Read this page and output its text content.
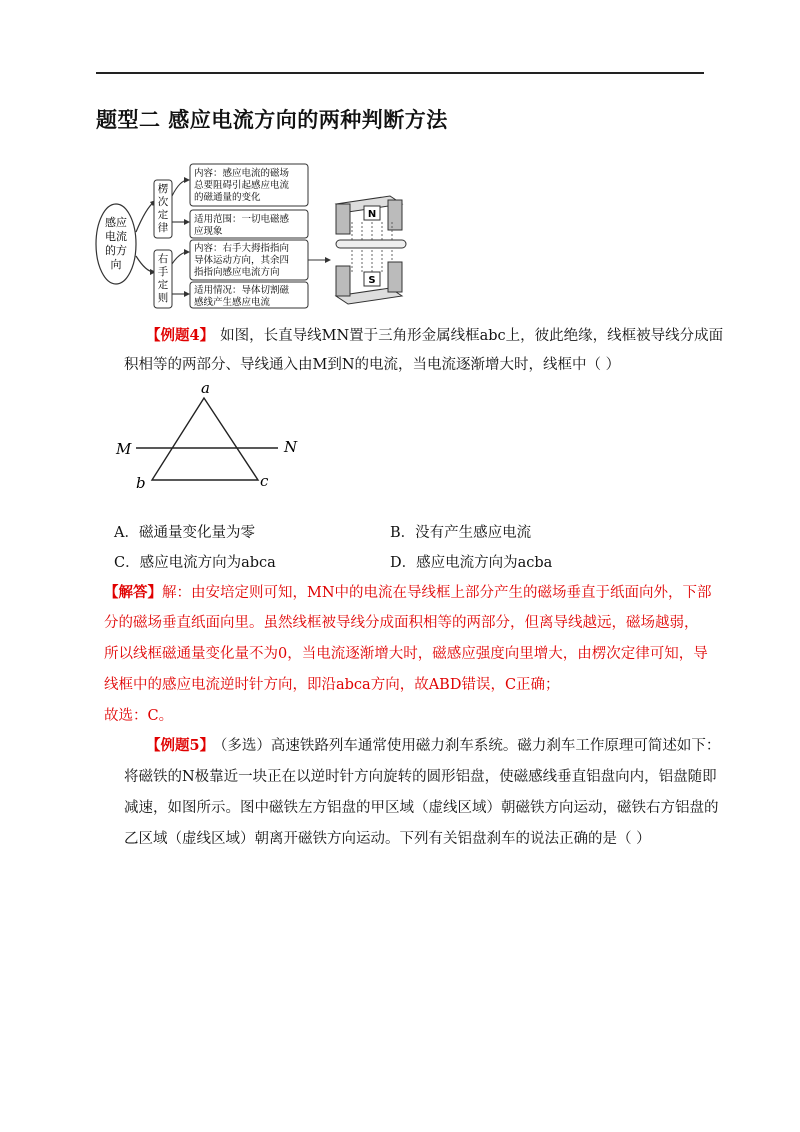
题型二 感应电流方向的两种判断方法
感应
电流
的方
向
楞
次
定
律
右
手
定
则
内容：感应电流的磁场
总要阻碍引起感应电流
的磁通量的变化
适用范围：一切电磁感
应现象
内容：右手大拇指指向
导体运动方向，其余四
指指向感应电流方向
适用情况：导体切割磁
感线产生感应电流
N
S
【例题4】 如图，长直导线MN置于三角形金属线框abc上，彼此绝缘，线框被导线分成面
积相等的两部分、导线通入由M到N的电流，当电流逐渐增大时，线框中（ ）
a
b	c
M	N
A．磁通量变化量为零	B．没有产生感应电流
C．感应电流方向为abca	D．感应电流方向为acba
【解答】解：由安培定则可知，MN中的电流在导线框上部分产生的磁场垂直于纸面向外，下部
分的磁场垂直纸面向里。虽然线框被导线分成面积相等的两部分，但离导线越远，磁场越弱，
所以线框磁通量变化量不为0，当电流逐渐增大时，磁感应强度向里增大，由楞次定律可知，导
线框中的感应电流逆时针方向，即沿abca方向，故ABD错误，C正确；
故选：C。
【例题5】 （多选）高速铁路列车通常使用磁力刹车系统。磁力刹车工作原理可简述如下：
将磁铁的N极靠近一块正在以逆时针方向旋转的圆形铝盘，使磁感线垂直铝盘向内，铝盘随即
减速，如图所示。图中磁铁左方铝盘的甲区域（虚线区域）朝磁铁方向运动，磁铁右方铝盘的
乙区域（虚线区域）朝离开磁铁方向运动。下列有关铝盘刹车的说法正确的是（ ）
